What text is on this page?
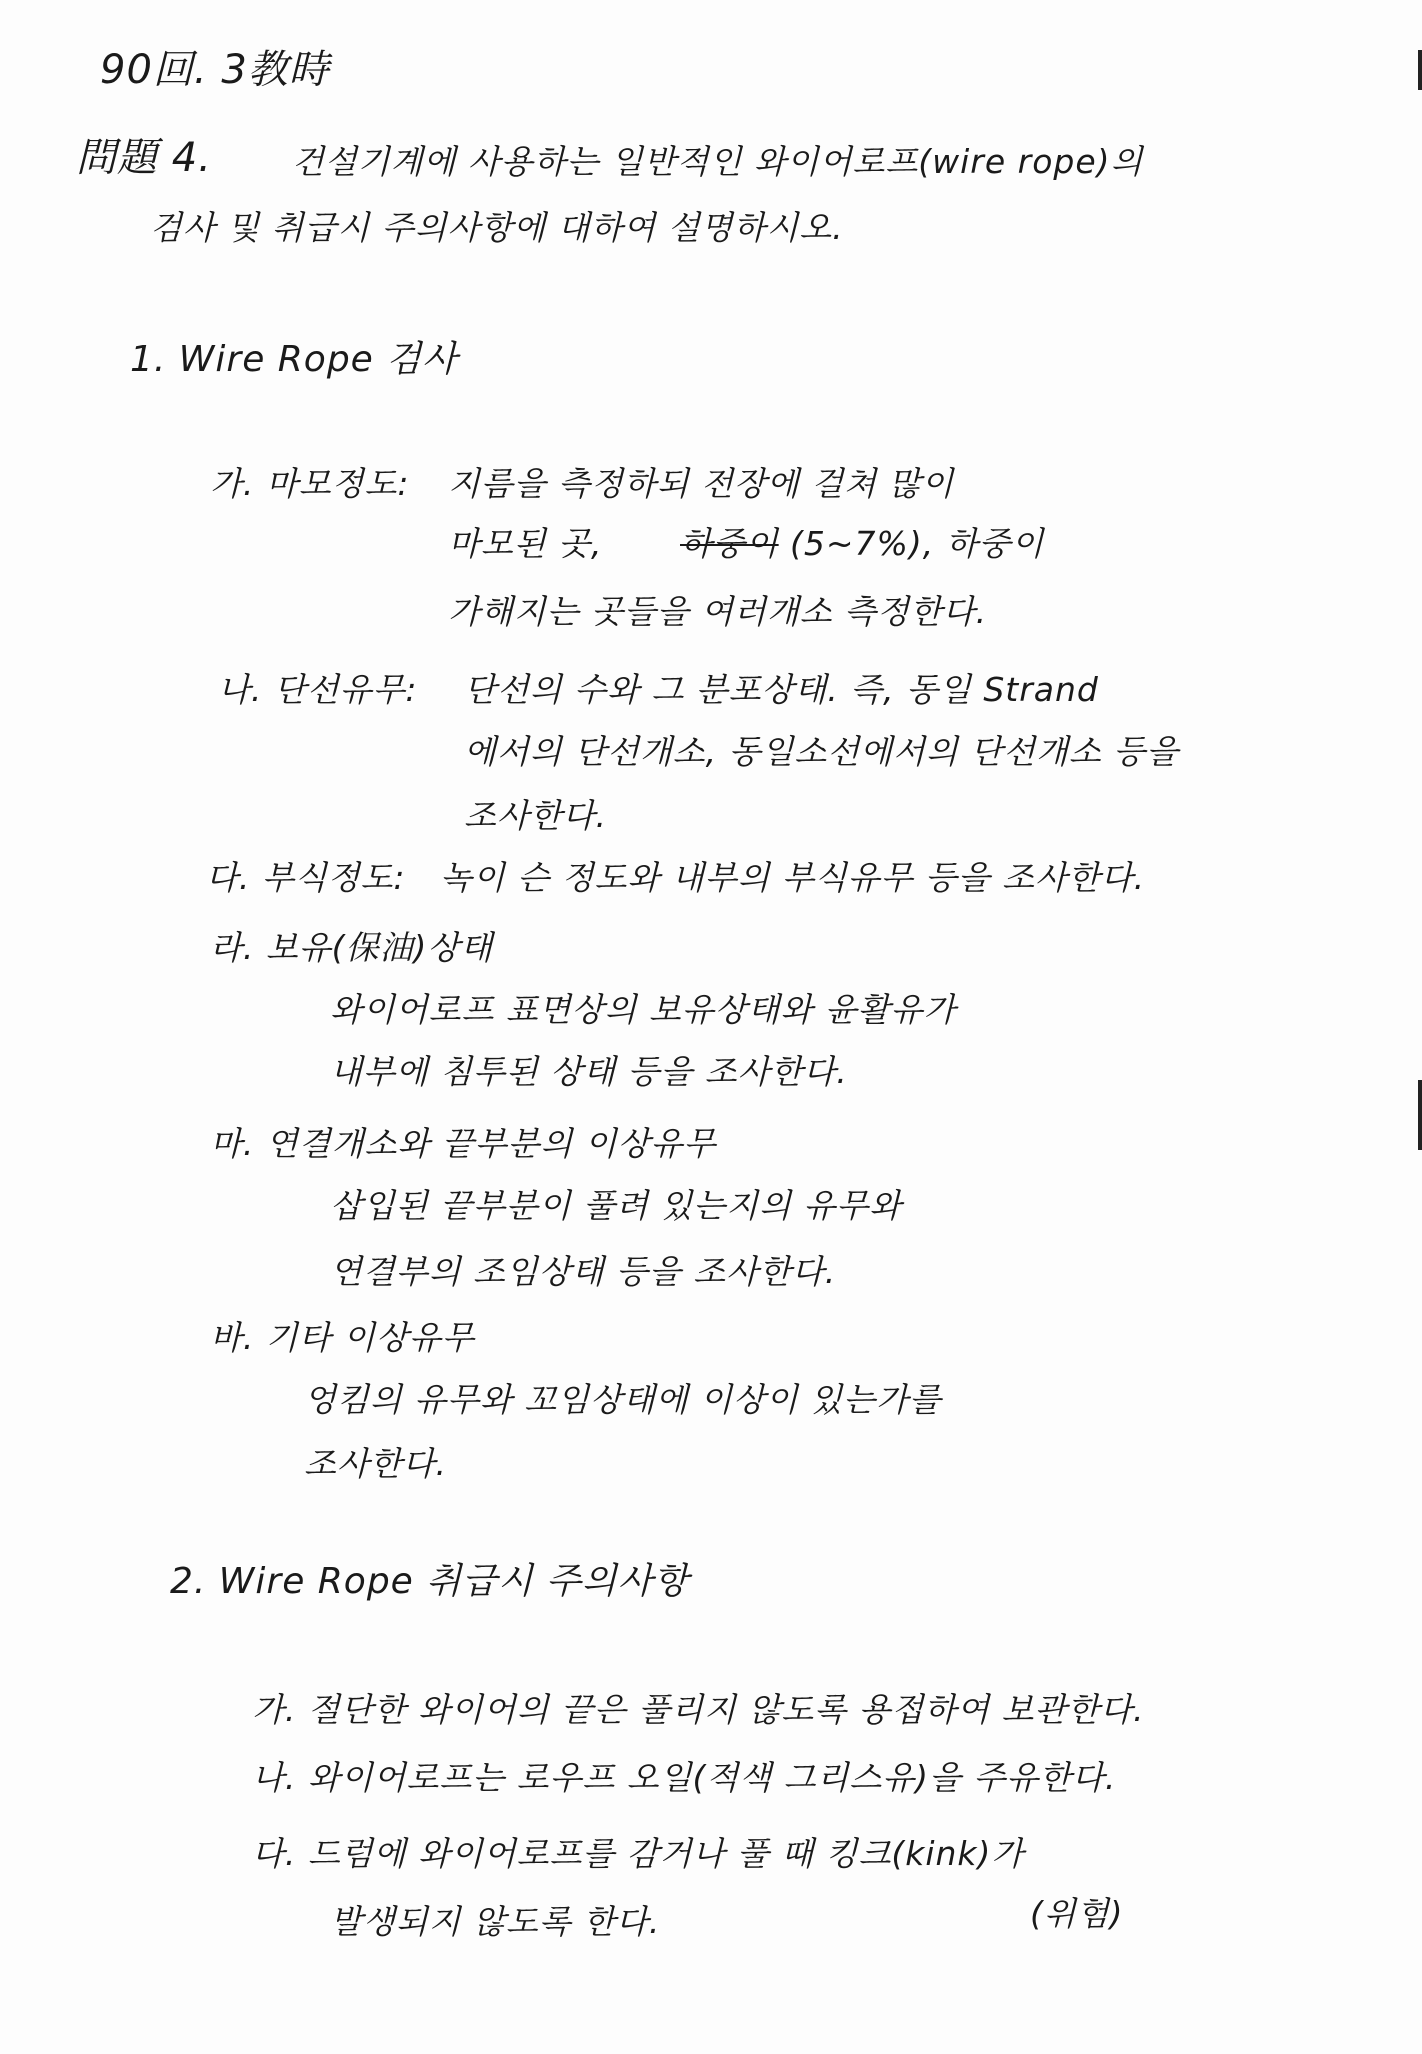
90回. 3教時
問題 4. 건설기계에 사용하는 일반적인 와이어로프(wire rope)의
검사 및 취급시 주의사항에 대하여 설명하시오.
1. Wire Rope 검사
가. 마모정도: 지름을 측정하되 전장에 걸쳐 많이
마모된 곳, 하중이 (5~7%), 하중이
가해지는 곳들을 여러개소 측정한다.
나. 단선유무: 단선의 수와 그 분포상태. 즉, 동일 Strand
에서의 단선개소, 동일소선에서의 단선개소 등을
조사한다.
다. 부식정도: 녹이 슨 정도와 내부의 부식유무 등을 조사한다.
라. 보유(保油)상태
와이어로프 표면상의 보유상태와 윤활유가
내부에 침투된 상태 등을 조사한다.
마. 연결개소와 끝부분의 이상유무
삽입된 끝부분이 풀려 있는지의 유무와
연결부의 조임상태 등을 조사한다.
바. 기타 이상유무
엉킴의 유무와 꼬임상태에 이상이 있는가를
조사한다.
2. Wire Rope 취급시 주의사항
가. 절단한 와이어의 끝은 풀리지 않도록 용접하여 보관한다.
나. 와이어로프는 로우프 오일(적색 그리스유)을 주유한다.
다. 드럼에 와이어로프를 감거나 풀 때 킹크(kink)가
(위험)
발생되지 않도록 한다.
